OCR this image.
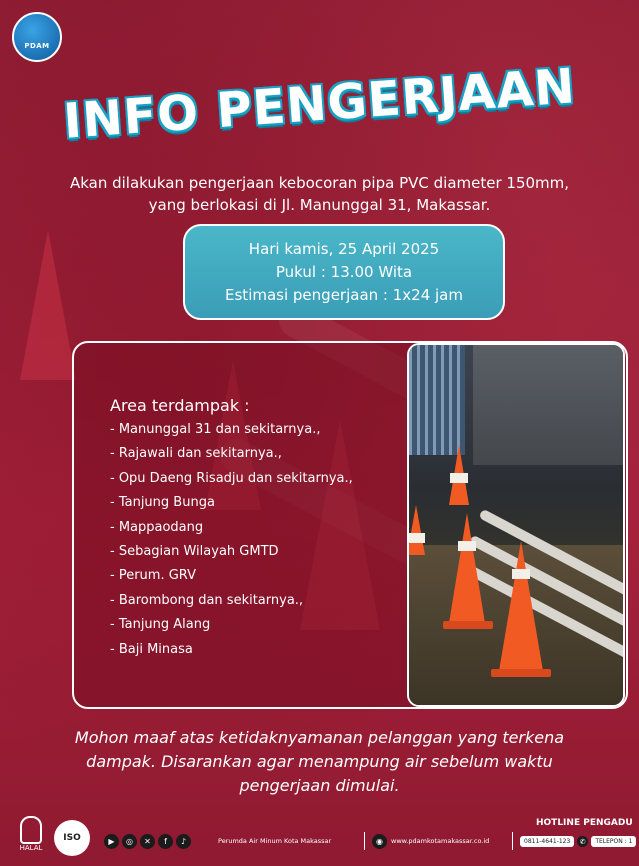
PDAM
INFO PENGERJAAN
Akan dilakukan pengerjaan kebocoran pipa PVC diameter 150mm, yang berlokasi di Jl. Manunggal 31, Makassar.
Hari kamis, 25 April 2025
Pukul : 13.00 Wita
Estimasi pengerjaan : 1x24 jam
Area terdampak :
- Manunggal 31 dan sekitarnya.,
- Rajawali dan sekitarnya.,
- Opu Daeng Risadju dan sekitarnya.,
- Tanjung Bunga
- Mappaodang
- Sebagian Wilayah GMTD
- Perum. GRV
- Barombong dan sekitarnya.,
- Tanjung Alang
- Baji Minasa
Mohon maaf atas ketidaknyamanan pelanggan yang terkena dampak. Disarankan agar menampung air sebelum waktu pengerjaan dimulai.
HALAL
ISO	▶	◎	✕	f	♪	Perumda Air Minum Kota Makassar	◉	www.pdamkotamakassar.co.id
HOTLINE PENGADU
0811-4641-123	✆	TELEPON : 1
